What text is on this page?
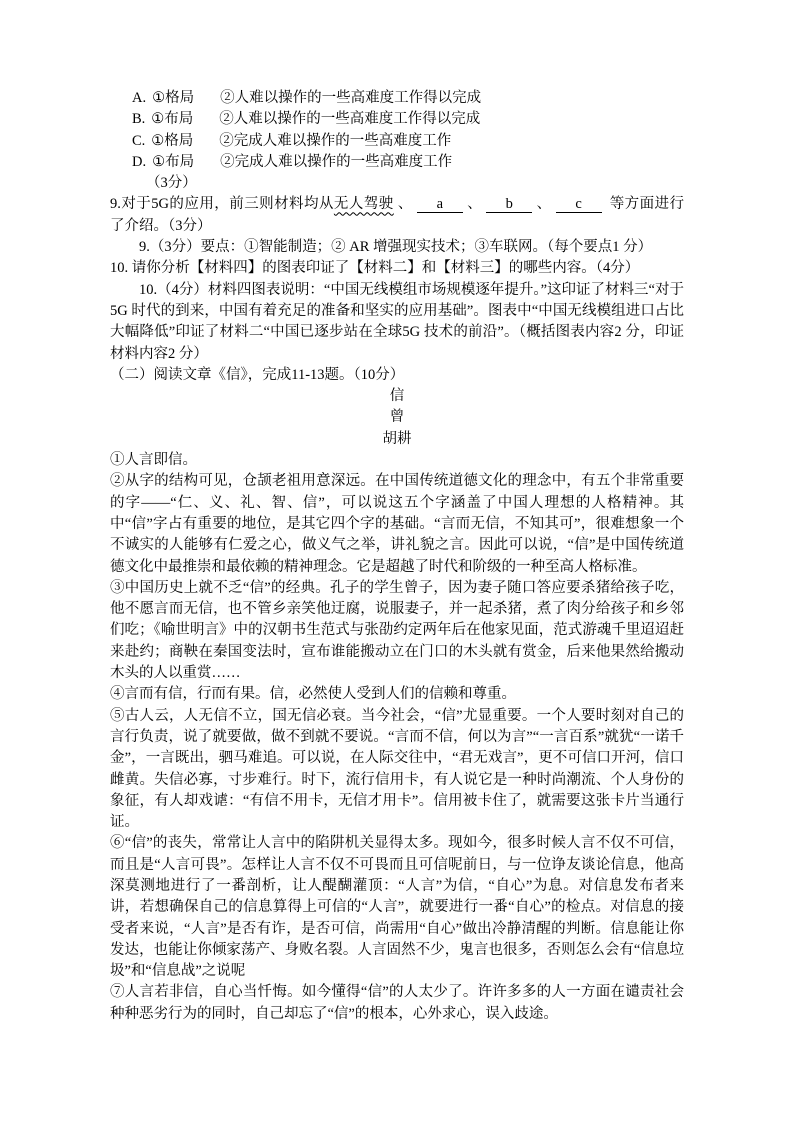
A. ①格局 ②人难以操作的一些高难度工作得以完成

B. ①布局 ②人难以操作的一些高难度工作得以完成

C. ①格局 ②完成人难以操作的一些高难度工作

D. ①布局 ②完成人难以操作的一些高难度工作

（3分）

9.对于5G的应用，前三则材料均从无人驾驶 、 a 、 b 、 c 等方面进行了介绍。（3分）

9.（3分）要点：①智能制造；② AR 增强现实技术；③车联网。（每个要点1 分）

10. 请你分析【材料四】的图表印证了【材料二】和【材料三】的哪些内容。（4分）

10.（4分）材料四图表说明：“中国无线模组市场规模逐年提升。”这印证了材料三“对于5G 时代的到来，中国有着充足的准备和坚实的应用基础”。图表中“中国无线模组进口占比大幅降低”印证了材料二“中国已逐步站在全球5G 技术的前沿”。（概括图表内容2 分，印证材料内容2 分）

（二）阅读文章《信》，完成11-13题。（10分）

信

曾

胡耕

①人言即信。

②从字的结构可见，仓颉老祖用意深远。在中国传统道德文化的理念中，有五个非常重要的字——“仁、义、礼、智、信”，可以说这五个字涵盖了中国人理想的人格精神。其中“信”字占有重要的地位，是其它四个字的基础。“言而无信，不知其可”，很难想象一个不诚实的人能够有仁爱之心，做义气之举，讲礼貌之言。因此可以说，“信”是中国传统道德文化中最推崇和最依赖的精神理念。它是超越了时代和阶级的一种至高人格标准。

③中国历史上就不乏“信”的经典。孔子的学生曾子，因为妻子随口答应要杀猪给孩子吃，他不愿言而无信，也不管乡亲笑他迂腐，说服妻子，并一起杀猪，煮了肉分给孩子和乡邻们吃；《喻世明言》中的汉朝书生范式与张劭约定两年后在他家见面，范式游魂千里迢迢赶来赴约；商鞅在秦国变法时，宣布谁能搬动立在门口的木头就有赏金，后来他果然给搬动木头的人以重赏……

④言而有信，行而有果。信，必然使人受到人们的信赖和尊重。

⑤古人云，人无信不立，国无信必衰。当今社会，“信”尤显重要。一个人要时刻对自己的言行负责，说了就要做，做不到就不要说。“言而不信，何以为言”“一言百系”就犹“一诺千金”，一言既出，驷马难追。可以说，在人际交往中，“君无戏言”，更不可信口开河，信口雌黄。失信必寡，寸步难行。时下，流行信用卡，有人说它是一种时尚潮流、个人身份的象征，有人却戏谑：“有信不用卡，无信才用卡”。信用被卡住了，就需要这张卡片当通行证。

⑥“信”的丧失，常常让人言中的陷阱机关显得太多。现如今，很多时候人言不仅不可信，而且是“人言可畏”。怎样让人言不仅不可畏而且可信呢前日，与一位诤友谈论信息，他高深莫测地进行了一番剖析，让人醍醐灌顶：“人言”为信，“自心”为息。对信息发布者来讲，若想确保自己的信息算得上可信的“人言”，就要进行一番“自心”的检点。对信息的接受者来说，“人言”是否有诈，是否可信，尚需用“自心”做出冷静清醒的判断。信息能让你发达，也能让你倾家荡产、身败名裂。人言固然不少，鬼言也很多，否则怎么会有“信息垃圾”和“信息战”之说呢

⑦人言若非信，自心当忏悔。如今懂得“信”的人太少了。许许多多的人一方面在谴责社会种种恶劣行为的同时，自己却忘了“信”的根本，心外求心，误入歧途。
